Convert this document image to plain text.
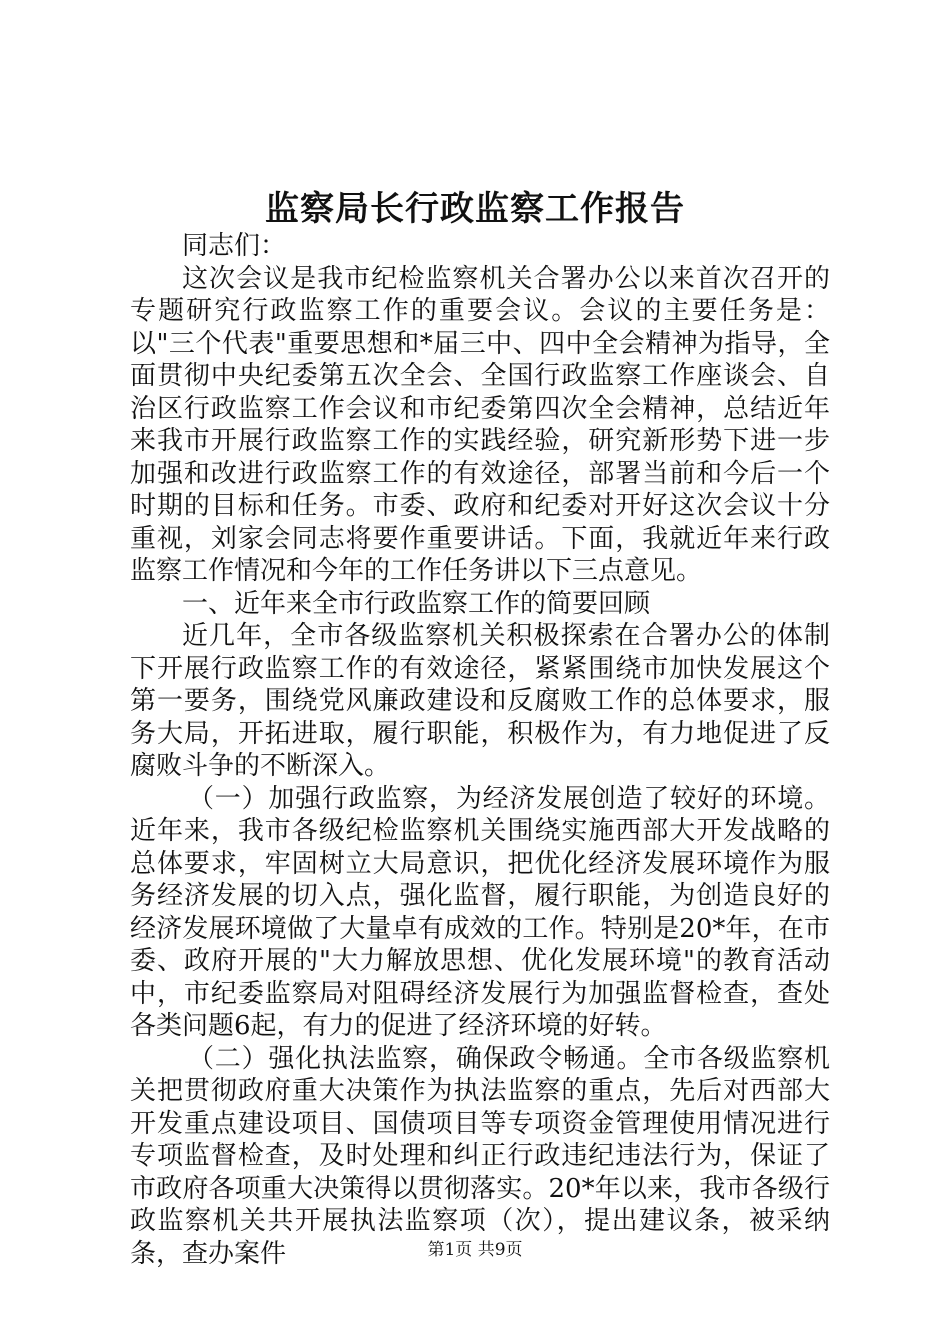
监察局长行政监察工作报告

同志们：

这次会议是我市纪检监察机关合署办公以来首次召开的专题研究行政监察工作的重要会议。会议的主要任务是：以"三个代表"重要思想和*届三中、四中全会精神为指导，全面贯彻中央纪委第五次全会、全国行政监察工作座谈会、自治区行政监察工作会议和市纪委第四次全会精神，总结近年来我市开展行政监察工作的实践经验，研究新形势下进一步加强和改进行政监察工作的有效途径，部署当前和今后一个时期的目标和任务。市委、政府和纪委对开好这次会议十分重视，刘家会同志将要作重要讲话。下面，我就近年来行政监察工作情况和今年的工作任务讲以下三点意见。

一、近年来全市行政监察工作的简要回顾

近几年，全市各级监察机关积极探索在合署办公的体制下开展行政监察工作的有效途径，紧紧围绕市加快发展这个第一要务，围绕党风廉政建设和反腐败工作的总体要求，服务大局，开拓进取，履行职能，积极作为，有力地促进了反腐败斗争的不断深入。

（一）加强行政监察，为经济发展创造了较好的环境。近年来，我市各级纪检监察机关围绕实施西部大开发战略的总体要求，牢固树立大局意识，把优化经济发展环境作为服务经济发展的切入点，强化监督，履行职能，为创造良好的经济发展环境做了大量卓有成效的工作。特别是20*年，在市委、政府开展的"大力解放思想、优化发展环境"的教育活动中，市纪委监察局对阻碍经济发展行为加强监督检查，查处各类问题6起，有力的促进了经济环境的好转。

（二）强化执法监察，确保政令畅通。全市各级监察机关把贯彻政府重大决策作为执法监察的重点，先后对西部大开发重点建设项目、国债项目等专项资金管理使用情况进行专项监督检查，及时处理和纠正行政违纪违法行为，保证了市政府各项重大决策得以贯彻落实。20*年以来，我市各级行政监察机关共开展执法监察项（次），提出建议条，被采纳条，查办案件	第1页 共9页
